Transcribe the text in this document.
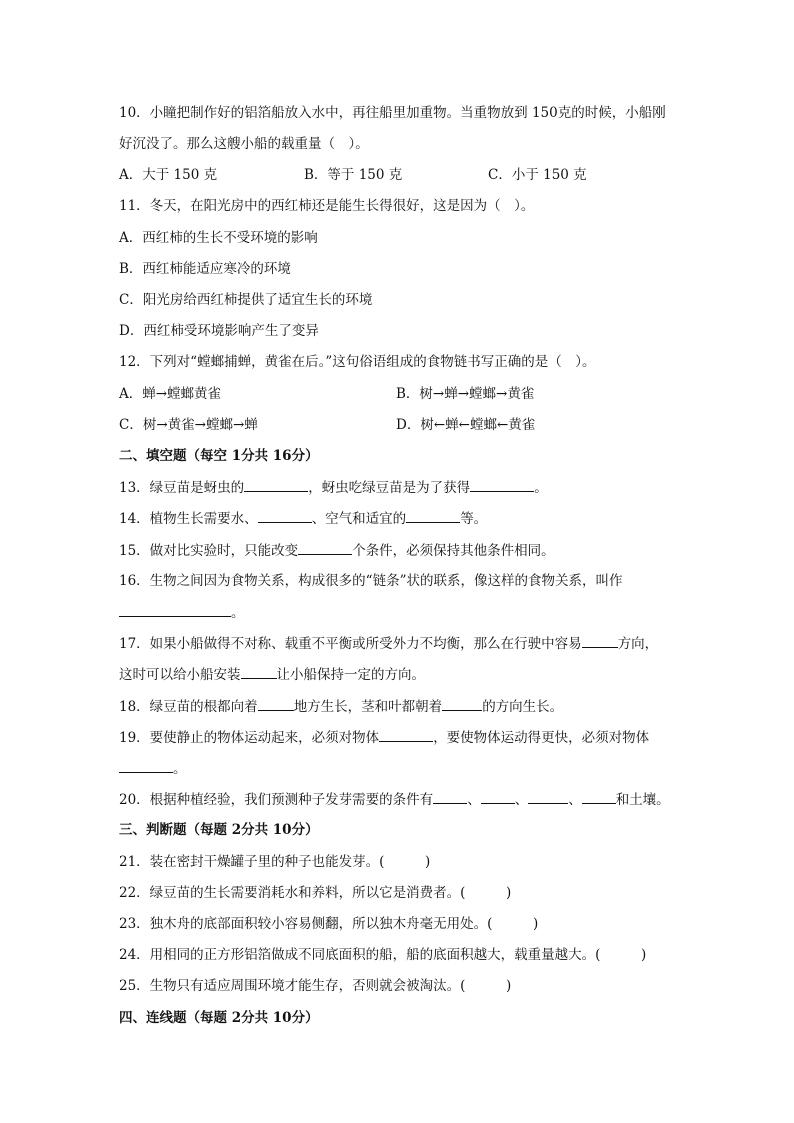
10．小瞳把制作好的铝箔船放入水中，再往船里加重物。当重物放到 150克的时候，小船刚
好沉没了。那么这艘小船的载重量（　）。
A．大于 150 克	B．等于 150 克	C．小于 150 克
11．冬天，在阳光房中的西红柿还是能生长得很好，这是因为（　）。
A．西红柿的生长不受环境的影响
B．西红柿能适应寒冷的环境
C．阳光房给西红柿提供了适宜生长的环境
D．西红柿受环境影响产生了变异
12．下列对“螳螂捕蝉，黄雀在后。”这句俗语组成的食物链书写正确的是（　）。
A．蝉→螳螂黄雀	B．树→蝉→螳螂→黄雀
C．树→黄雀→螳螂→蝉	D．树←蝉←螳螂←黄雀
二、填空题（每空 1分共 16分）
13．绿豆苗是蚜虫的	，蚜虫吃绿豆苗是为了获得	。
14．植物生长需要水、	、空气和适宜的	等。
15．做对比实验时，只能改变	个条件，必须保持其他条件相同。
16．生物之间因为食物关系，构成很多的“链条”状的联系，像这样的食物关系，叫作
。
17．如果小船做得不对称、载重不平衡或所受外力不均衡，那么在行驶中容易	方向，
这时可以给小船安装	让小船保持一定的方向。
18．绿豆苗的根都向着	地方生长，茎和叶都朝着	的方向生长。
19．要使静止的物体运动起来，必须对物体	，要使物体运动得更快，必须对物体
。
20．根据种植经验，我们预测种子发芽需要的条件有	、	、	、	和土壤。
三、判断题（每题 2分共 10分）
21．装在密封干燥罐子里的种子也能发芽。(　　　)
22．绿豆苗的生长需要消耗水和养料，所以它是消费者。(　　　)
23．独木舟的底部面积较小容易侧翻，所以独木舟毫无用处。(　　　)
24．用相同的正方形铝箔做成不同底面积的船，船的底面积越大，载重量越大。(　　　)
25．生物只有适应周围环境才能生存，否则就会被淘汰。(　　　)
四、连线题（每题 2分共 10分）
